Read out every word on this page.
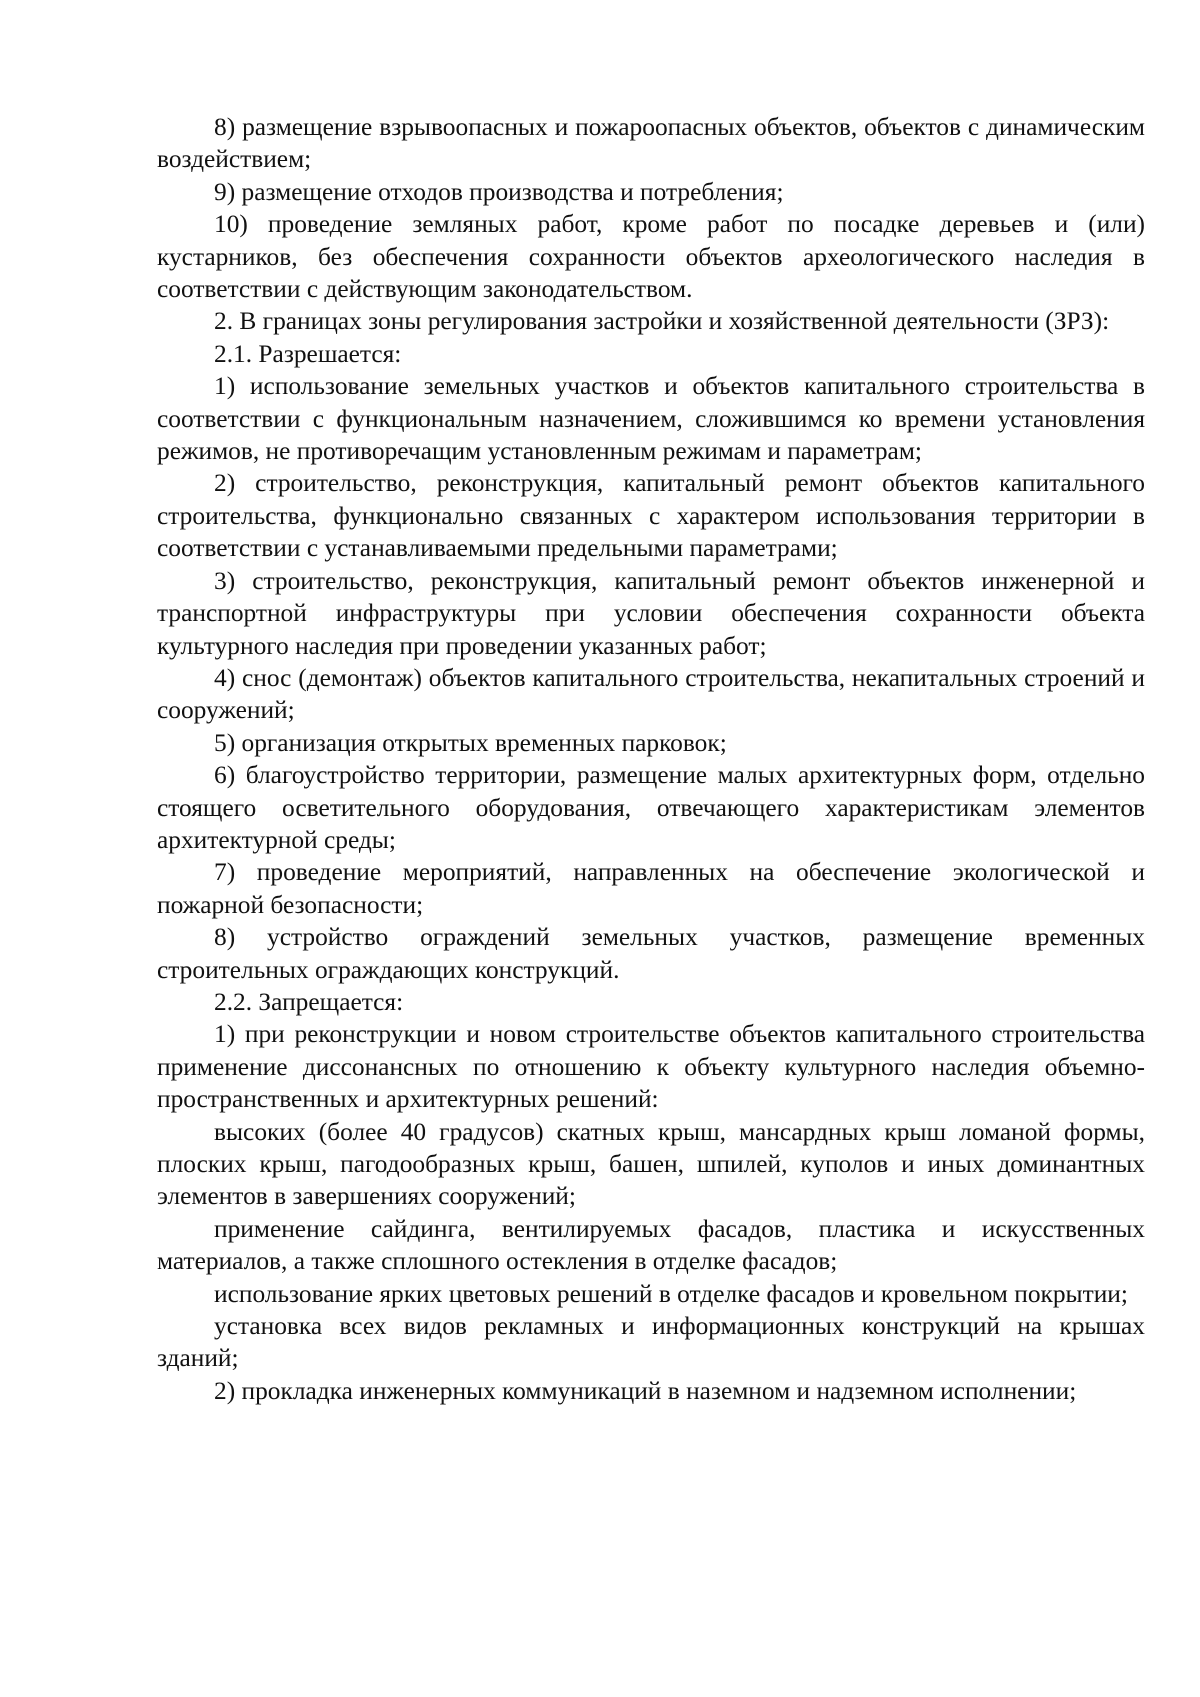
8) размещение взрывоопасных и пожароопасных объектов, объектов с динамическим воздействием;

9) размещение отходов производства и потребления;

10) проведение земляных работ, кроме работ по посадке деревьев и (или) кустарников, без обеспечения сохранности объектов археологического наследия в соответствии с действующим законодательством.

2. В границах зоны регулирования застройки и хозяйственной деятельности (ЗРЗ):

2.1. Разрешается:

1) использование земельных участков и объектов капитального строительства в соответствии с функциональным назначением, сложившимся ко времени установления режимов, не противоречащим установленным режимам и параметрам;

2) строительство, реконструкция, капитальный ремонт объектов капитального строительства, функционально связанных с характером использования территории в соответствии с устанавливаемыми предельными параметрами;

3) строительство, реконструкция, капитальный ремонт объектов инженерной и транспортной инфраструктуры при условии обеспечения сохранности объекта культурного наследия при проведении указанных работ;

4) снос (демонтаж) объектов капитального строительства, некапитальных строений и сооружений;

5) организация открытых временных парковок;

6) благоустройство территории, размещение малых архитектурных форм, отдельно стоящего осветительного оборудования, отвечающего характеристикам элементов архитектурной среды;

7) проведение мероприятий, направленных на обеспечение экологической и пожарной безопасности;

8) устройство ограждений земельных участков, размещение временных строительных ограждающих конструкций.

2.2. Запрещается:

1) при реконструкции и новом строительстве объектов капитального строительства применение диссонансных по отношению к объекту культурного наследия объемно-пространственных и архитектурных решений:

высоких (более 40 градусов) скатных крыш, мансардных крыш ломаной формы, плоских крыш, пагодообразных крыш, башен, шпилей, куполов и иных доминантных элементов в завершениях сооружений;

применение сайдинга, вентилируемых фасадов, пластика и искусственных материалов, а также сплошного остекления в отделке фасадов;

использование ярких цветовых решений в отделке фасадов и кровельном покрытии;

установка всех видов рекламных и информационных конструкций на крышах зданий;

2) прокладка инженерных коммуникаций в наземном и надземном исполнении;
